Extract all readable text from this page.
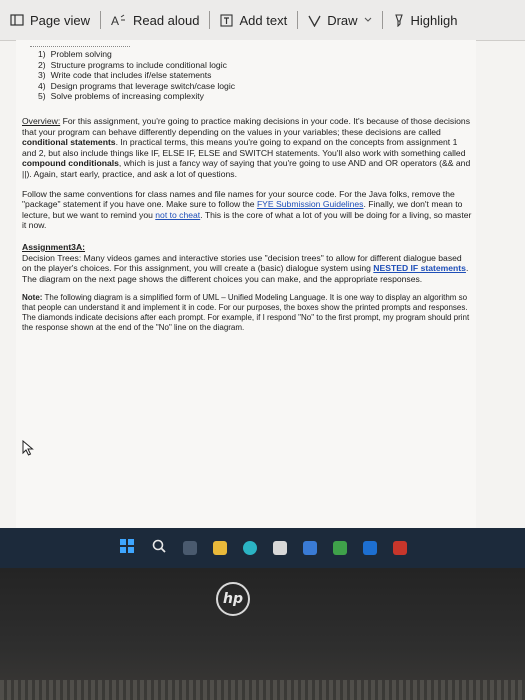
Page view A Read aloud	Add text	Draw	Highligh
1) Problem solving
2) Structure programs to include conditional logic
3) Write code that includes if/else statements
4) Design programs that leverage switch/case logic
5) Solve problems of increasing complexity
Overview: For this assignment, you're going to practice making decisions in your code. It's because of those decisions that your program can behave differently depending on the values in your variables; these decisions are called conditional statements. In practical terms, this means you're going to expand on the concepts from assignment 1 and 2, but also include things like IF, ELSE IF, ELSE and SWITCH statements. You'll also work with something called compound conditionals, which is just a fancy way of saying that you're going to use AND and OR operators (&& and ||). Again, start early, practice, and ask a lot of questions.
Follow the same conventions for class names and file names for your source code. For the Java folks, remove the "package" statement if you have one. Make sure to follow the FYE Submission Guidelines. Finally, we don't mean to lecture, but we want to remind you not to cheat. This is the core of what a lot of you will be doing for a living, so master it now.
Assignment3A:
Decision Trees: Many videos games and interactive stories use "decision trees" to allow for different dialogue based on the player's choices. For this assignment, you will create a (basic) dialogue system using NESTED IF statements. The diagram on the next page shows the different choices you can make, and the appropriate responses.
Note: The following diagram is a simplified form of UML – Unified Modeling Language. It is one way to display an algorithm so that people can understand it and implement it in code. For our purposes, the boxes show the printed prompts and responses. The diamonds indicate decisions after each prompt. For example, if I respond "No" to the first prompt, my program should print the response shown at the end of the "No" line on the diagram.
hp
